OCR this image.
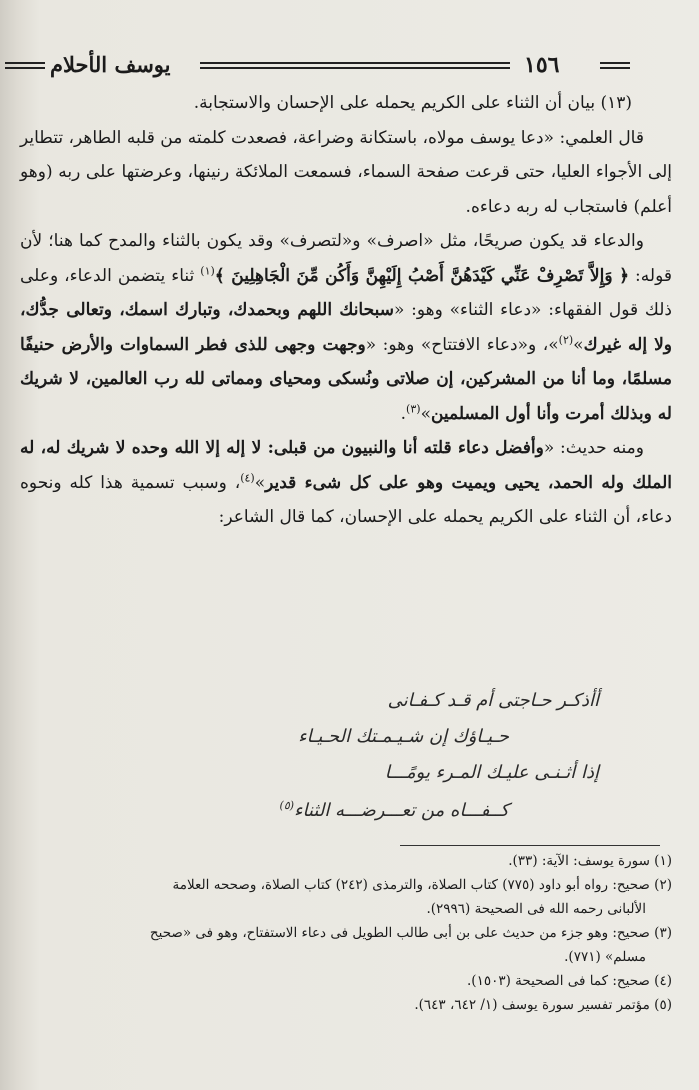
١٥٦
يوسف الأحلام

(١٣) بيان أن الثناء على الكريم يحمله على الإحسان والاستجابة.

قال العلمي: «دعا يوسف مولاه، باستكانة وضراعة، فصعدت كلمته من قلبه الطاهر، تتطاير إلى الأجواء العليا، حتى قرعت صفحة السماء، فسمعت الملائكة رنينها، وعرضتها على ربه (وهو أعلم) فاستجاب له ربه دعاءه.

والدعاء قد يكون صريحًا، مثل «اصرف» و«لتصرف» وقد يكون بالثناء والمدح كما هنا؛ لأن قوله: ﴿ وَإِلاَّ تَصْرِفْ عَنِّي كَيْدَهُنَّ أَصْبُ إِلَيْهِنَّ وَأَكُن مِّنَ الْجَاهِلِينَ ﴾$^{(١)}$ ثناء يتضمن الدعاء، وعلى ذلك قول الفقهاء: «دعاء الثناء» وهو: «سبحانك اللهم وبحمدك، وتبارك اسمك، وتعالى جدُّك، ولا إله غيرك»$^{(٢)}$»، و«دعاء الافتتاح» وهو: «وجهت وجهى للذى فطر السماوات والأرض حنيفًا مسلمًا، وما أنا من المشركين، إن صلاتى ونُسكى ومحياى ومماتى لله رب العالمين، لا شريك له وبذلك أمرت وأنا أول المسلمين»$^{(٣)}$.

ومنه حديث: «وأفضل دعاء قلته أنا والنبيون من قبلى: لا إله إلا الله وحده لا شريك له، له الملك وله الحمد، يحيى ويميت وهو على كل شىء قدير»$^{(٤)}$، وسبب تسمية هذا كله ونحوه دعاء، أن الثناء على الكريم يحمله على الإحسان، كما قال الشاعر:

أأذكـر حـاجتى أم قـد كـفـانى
حـيـاؤك إن شـيـمـتك الحـيـاء
إذا أثـنـى عليـك المـرء يومًـــا
كــفـــاه من تعـــرضـــه الثناء$^{(٥)}$

(١) سورة يوسف: الآية: (٣٣).

(٢) صحيح: رواه أبو داود (٧٧٥) كتاب الصلاة، والترمذى (٢٤٢) كتاب الصلاة، وصححه العلامة

الألبانى رحمه الله فى الصحيحة (٢٩٩٦).

(٣) صحيح: وهو جزء من حديث على بن أبى طالب الطويل فى دعاء الاستفتاح، وهو فى «صحيح

مسلم» (٧٧١).

(٤) صحيح: كما فى الصحيحة (١٥٠٣).

(٥) مؤتمر تفسير سورة يوسف (١/ ٦٤٢، ٦٤٣).
